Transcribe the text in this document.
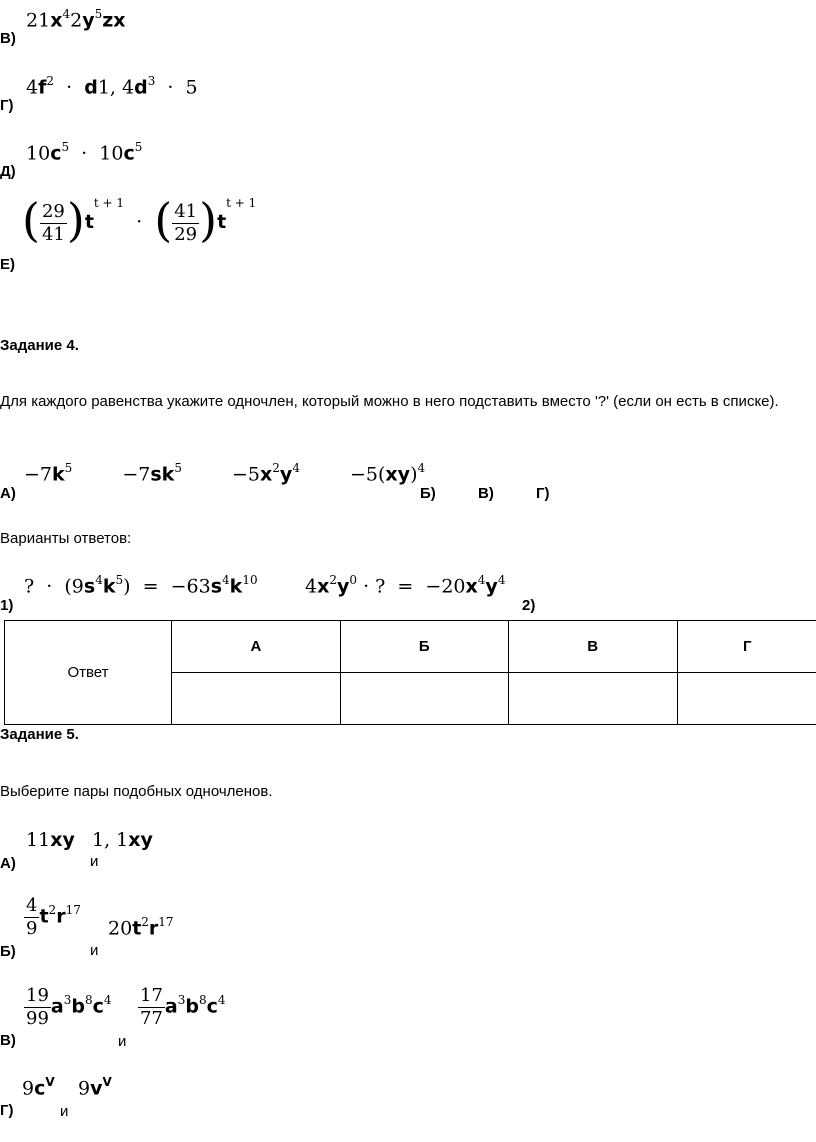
$21x^42y^5zx$
В)
$4f^2 \cdot d1$, $4d^3 \cdot 5$
Г)
$10c^5 \cdot 10c^5$
Д)
( $\frac{29}{41} )t^{t + 1}$  ·  ( $\frac{41}{29} )t^{t + 1}$
Е)
Задание 4.
Для каждого равенства укажите одночлен, который можно в него подставить вместо '?' (если он есть в списке).
$-7k^5$	$-7sk^5$	$-5x^2y^4$	−5(xy)$^4$
А)	Б)	В)	Г)
Варианты ответов:
?  ·  $(9s^4k^5) = -63s^4k^{10}$ $4x^2y^0$ · ?  =  $-20x^4y^4$
1)	2)
Ответ	А	Б	В	Г

Задание 5.
Выберите пары подобных одночленов.
11xy
и
1, 1xy
А)
$\frac{4}{9} t^2r^{17}$
и
$20t^2r^{17}$
Б)
$\frac{19}{99} a^3b^8c^4$
и
$\frac{17}{77} a^3b^8c^4$
В)
$9c^V$
и
$9v^V$
Г)
